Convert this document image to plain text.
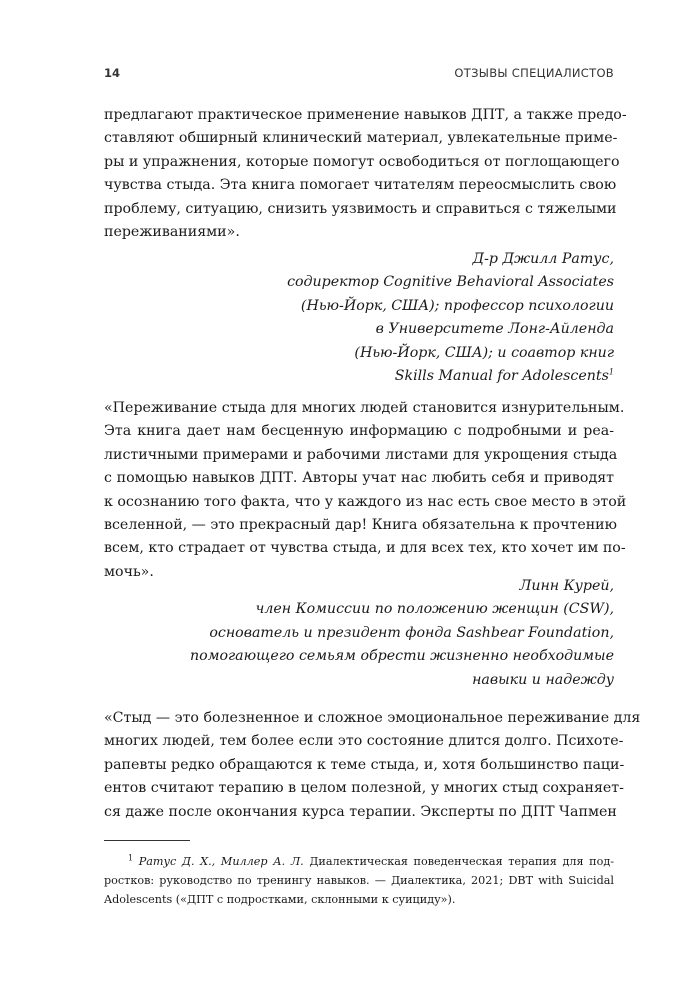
14	ОТЗЫВЫ СПЕЦИАЛИСТОВ
предлагают практическое применение навыков ДПТ, а также предо-
ставляют обширный клинический материал, увлекательные приме-
ры и упражнения, которые помогут освободиться от поглощающего
чувства стыда. Эта книга помогает читателям переосмыслить свою
проблему, ситуацию, снизить уязвимость и справиться с тяжелыми
переживаниями».
Д-р Джилл Ратус,
содиректор Cognitive Behavioral Associates
(Нью-Йорк, США); профессор психологии
в Университете Лонг-Айленда
(Нью-Йорк, США); и соавтор книг
Skills Manual for Adolescents$^1$
«Переживание стыда для многих людей становится изнурительным.
Эта книга дает нам бесценную информацию с подробными и реа-
листичными примерами и рабочими листами для укрощения стыда
с помощью навыков ДПТ. Авторы учат нас любить себя и приводят
к осознанию того факта, что у каждого из нас есть свое место в этой
вселенной, — это прекрасный дар! Книга обязательна к прочтению
всем, кто страдает от чувства стыда, и для всех тех, кто хочет им по-
мочь».
Линн Курей,
член Комиссии по положению женщин (CSW),
основатель и президент фонда Sashbear Foundation,
помогающего семьям обрести жизненно необходимые
навыки и надежду
«Стыд — это болезненное и сложное эмоциональное переживание для
многих людей, тем более если это состояние длится долго. Психоте-
рапевты редко обращаются к теме стыда, и, хотя большинство паци-
ентов считают терапию в целом полезной, у многих стыд сохраняет-
ся даже после окончания курса терапии. Эксперты по ДПТ Чапмен
$^1$ Ратус Д. Х., Миллер А. Л. Диалектическая поведенческая терапия для под-
ростков: руководство по тренингу навыков. — Диалектика, 2021; DBT with Suicidal
Adolescents («ДПТ с подростками, склонными к суициду»).
